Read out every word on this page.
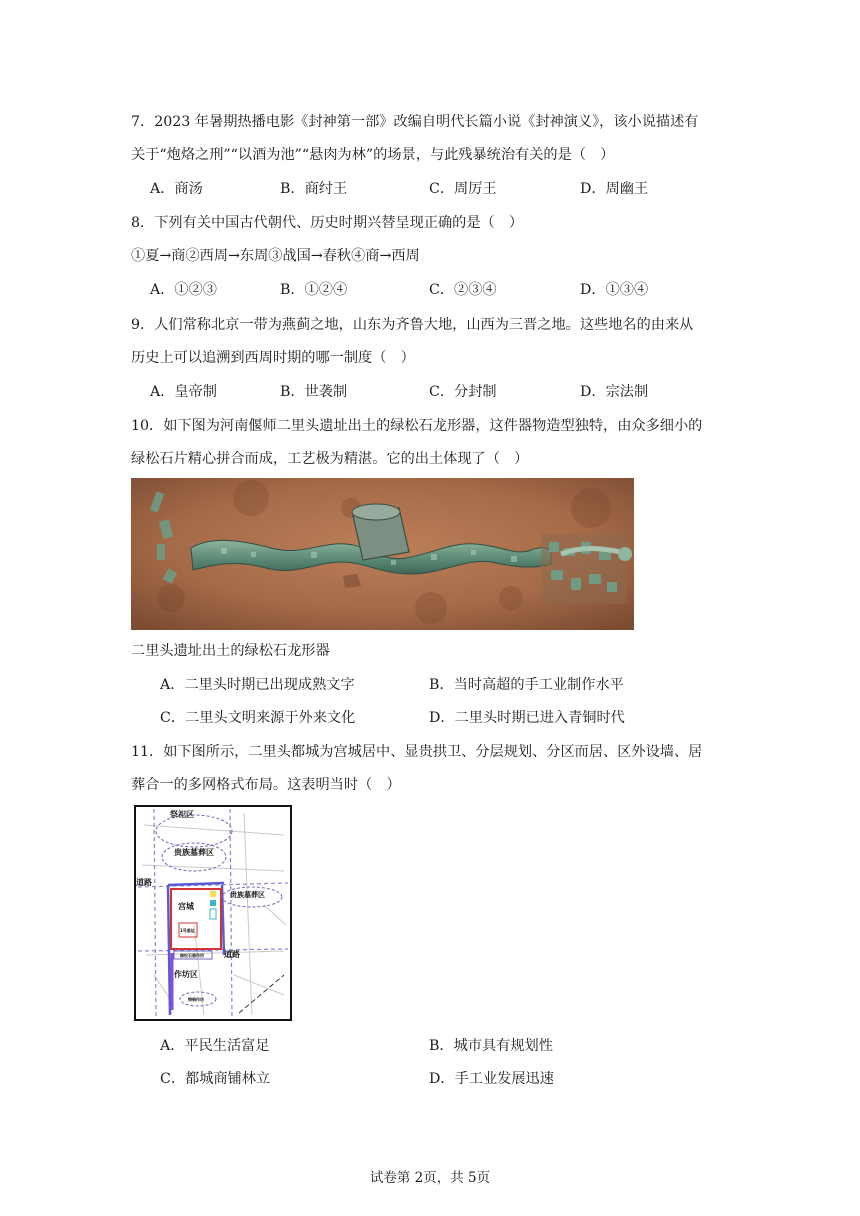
7．2023 年暑期热播电影《封神第一部》改编自明代长篇小说《封神演义》，该小说描述有
关于“炮烙之刑”“以酒为池”“悬肉为林”的场景，与此残暴统治有关的是（　）
A．商汤	B．商纣王	C．周厉王	D．周幽王
8．下列有关中国古代朝代、历史时期兴替呈现正确的是（　）
①夏→商②西周→东周③战国→春秋④商→西周
A．①②③	B．①②④	C．②③④	D．①③④
9．人们常称北京一带为燕蓟之地，山东为齐鲁大地，山西为三晋之地。这些地名的由来从
历史上可以追溯到西周时期的哪一制度（　）
A．皇帝制	B．世袭制	C．分封制	D．宗法制
10．如下图为河南偃师二里头遗址出土的绿松石龙形器，这件器物造型独特，由众多细小的
绿松石片精心拼合而成，工艺极为精湛。它的出土体现了（　）
二里头遗址出土的绿松石龙形器
A．二里头时期已出现成熟文字	B．当时高超的手工业制作水平
C．二里头文明来源于外来文化	D．二里头时期已进入青铜时代
11．如下图所示，二里头都城为宫城居中、显贵拱卫、分层规划、分区而居、区外设墙、居
葬合一的多网格式布局。这表明当时（　）
祭祀区
贵族墓葬区
道路
贵族墓葬区
宫城
1号基址
道路
绿松石器作坊
作坊区
铸铜作坊
A．平民生活富足	B．城市具有规划性
C．都城商铺林立	D．手工业发展迅速
试卷第 2页，共 5页
